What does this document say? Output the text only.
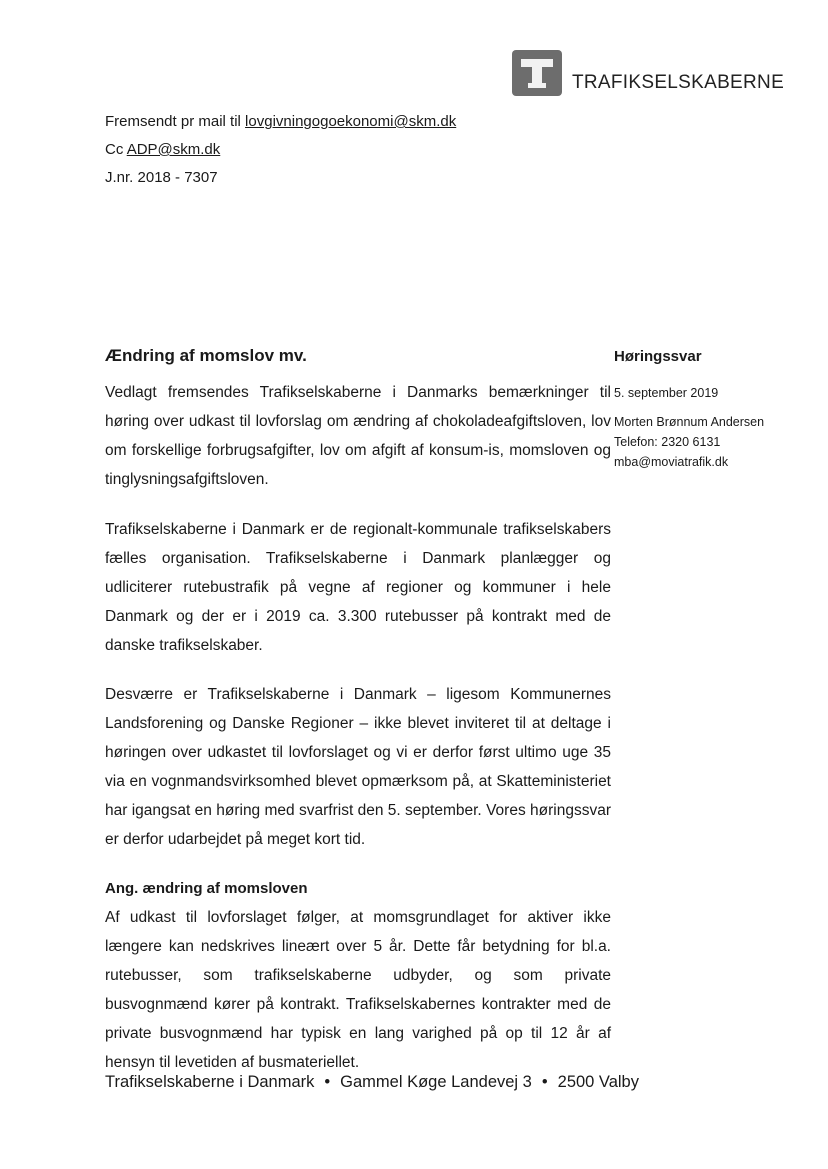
TRAFIKSELSKABERNE
Fremsendt pr mail til lovgivningogoekonomi@skm.dk
Cc ADP@skm.dk
J.nr. 2018 - 7307
Ændring af momslov mv.	Høringssvar
5. september 2019
Morten Brønnum Andersen
Telefon: 2320 6131
mba@moviatrafik.dk

Vedlagt fremsendes Trafikselskaberne i Danmarks bemærkninger til høring over udkast til lovforslag om ændring af chokoladeafgiftsloven, lov om forskellige forbrugsafgifter, lov om afgift af konsum-is, momsloven og tinglysningsafgiftsloven.

Trafikselskaberne i Danmark er de regionalt-kommunale trafikselskabers fælles organisation. Trafikselskaberne i Danmark planlægger og udliciterer rutebustrafik på vegne af regioner og kommuner i hele Danmark og der er i 2019 ca. 3.300 rutebusser på kontrakt med de danske trafikselskaber.

Desværre er Trafikselskaberne i Danmark – ligesom Kommunernes Landsforening og Danske Regioner – ikke blevet inviteret til at deltage i høringen over udkastet til lovforslaget og vi er derfor først ultimo uge 35 via en vognmandsvirksomhed blevet opmærksom på, at Skatteministeriet har igangsat en høring med svarfrist den 5. september. Vores høringssvar er derfor udarbejdet på meget kort tid.

Ang. ændring af momsloven

Af udkast til lovforslaget følger, at momsgrundlaget for aktiver ikke længere kan nedskrives lineært over 5 år. Dette får betydning for bl.a. rutebusser, som trafikselskaberne udbyder, og som private busvognmænd kører på kontrakt. Trafikselskabernes kontrakter med de private busvognmænd har typisk en lang varighed på op til 12 år af hensyn til levetiden af busmateriellet.

Trafikselskaberne i Danmark • Gammel Køge Landevej 3 • 2500 Valby
